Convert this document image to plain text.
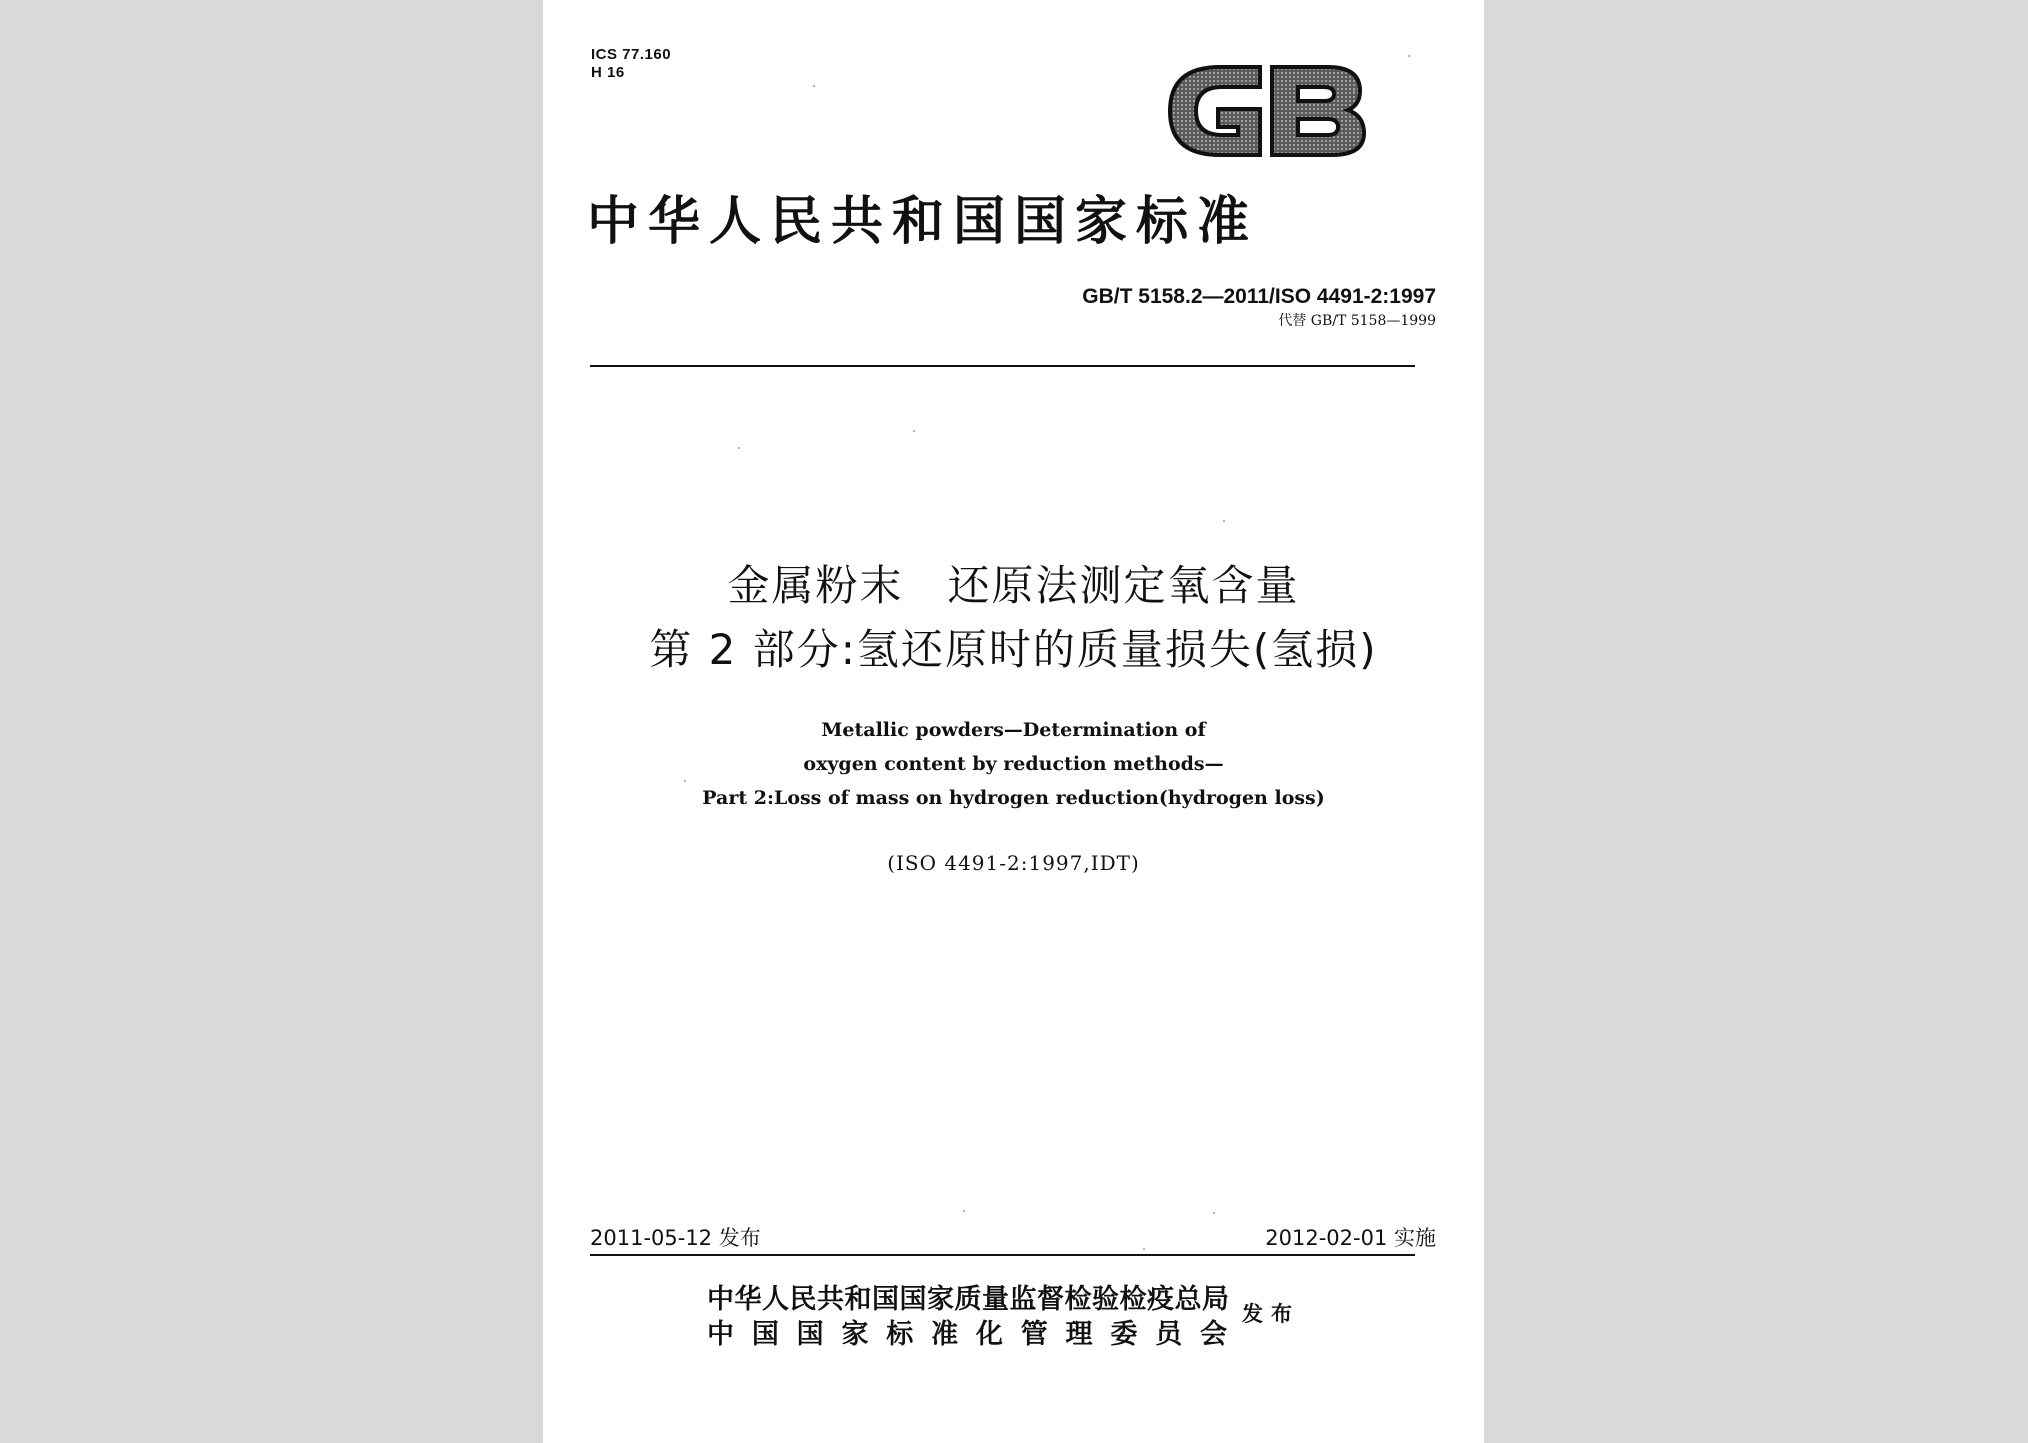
ICS 77.160
H 16
GB
中华人民共和国国家标准
GB/T 5158.2—2011/ISO 4491-2:1997
代替 GB/T 5158—1999
金属粉末　还原法测定氧含量
第 2 部分:氢还原时的质量损失(氢损)
Metallic powders—Determination of
oxygen content by reduction methods—
Part 2:Loss of mass on hydrogen reduction(hydrogen loss)
(ISO 4491-2:1997,IDT)
2011-05-12 发布	2012-02-01 实施
中华人民共和国国家质量监督检验检疫总局
中国国家标准化管理委员会
发布
